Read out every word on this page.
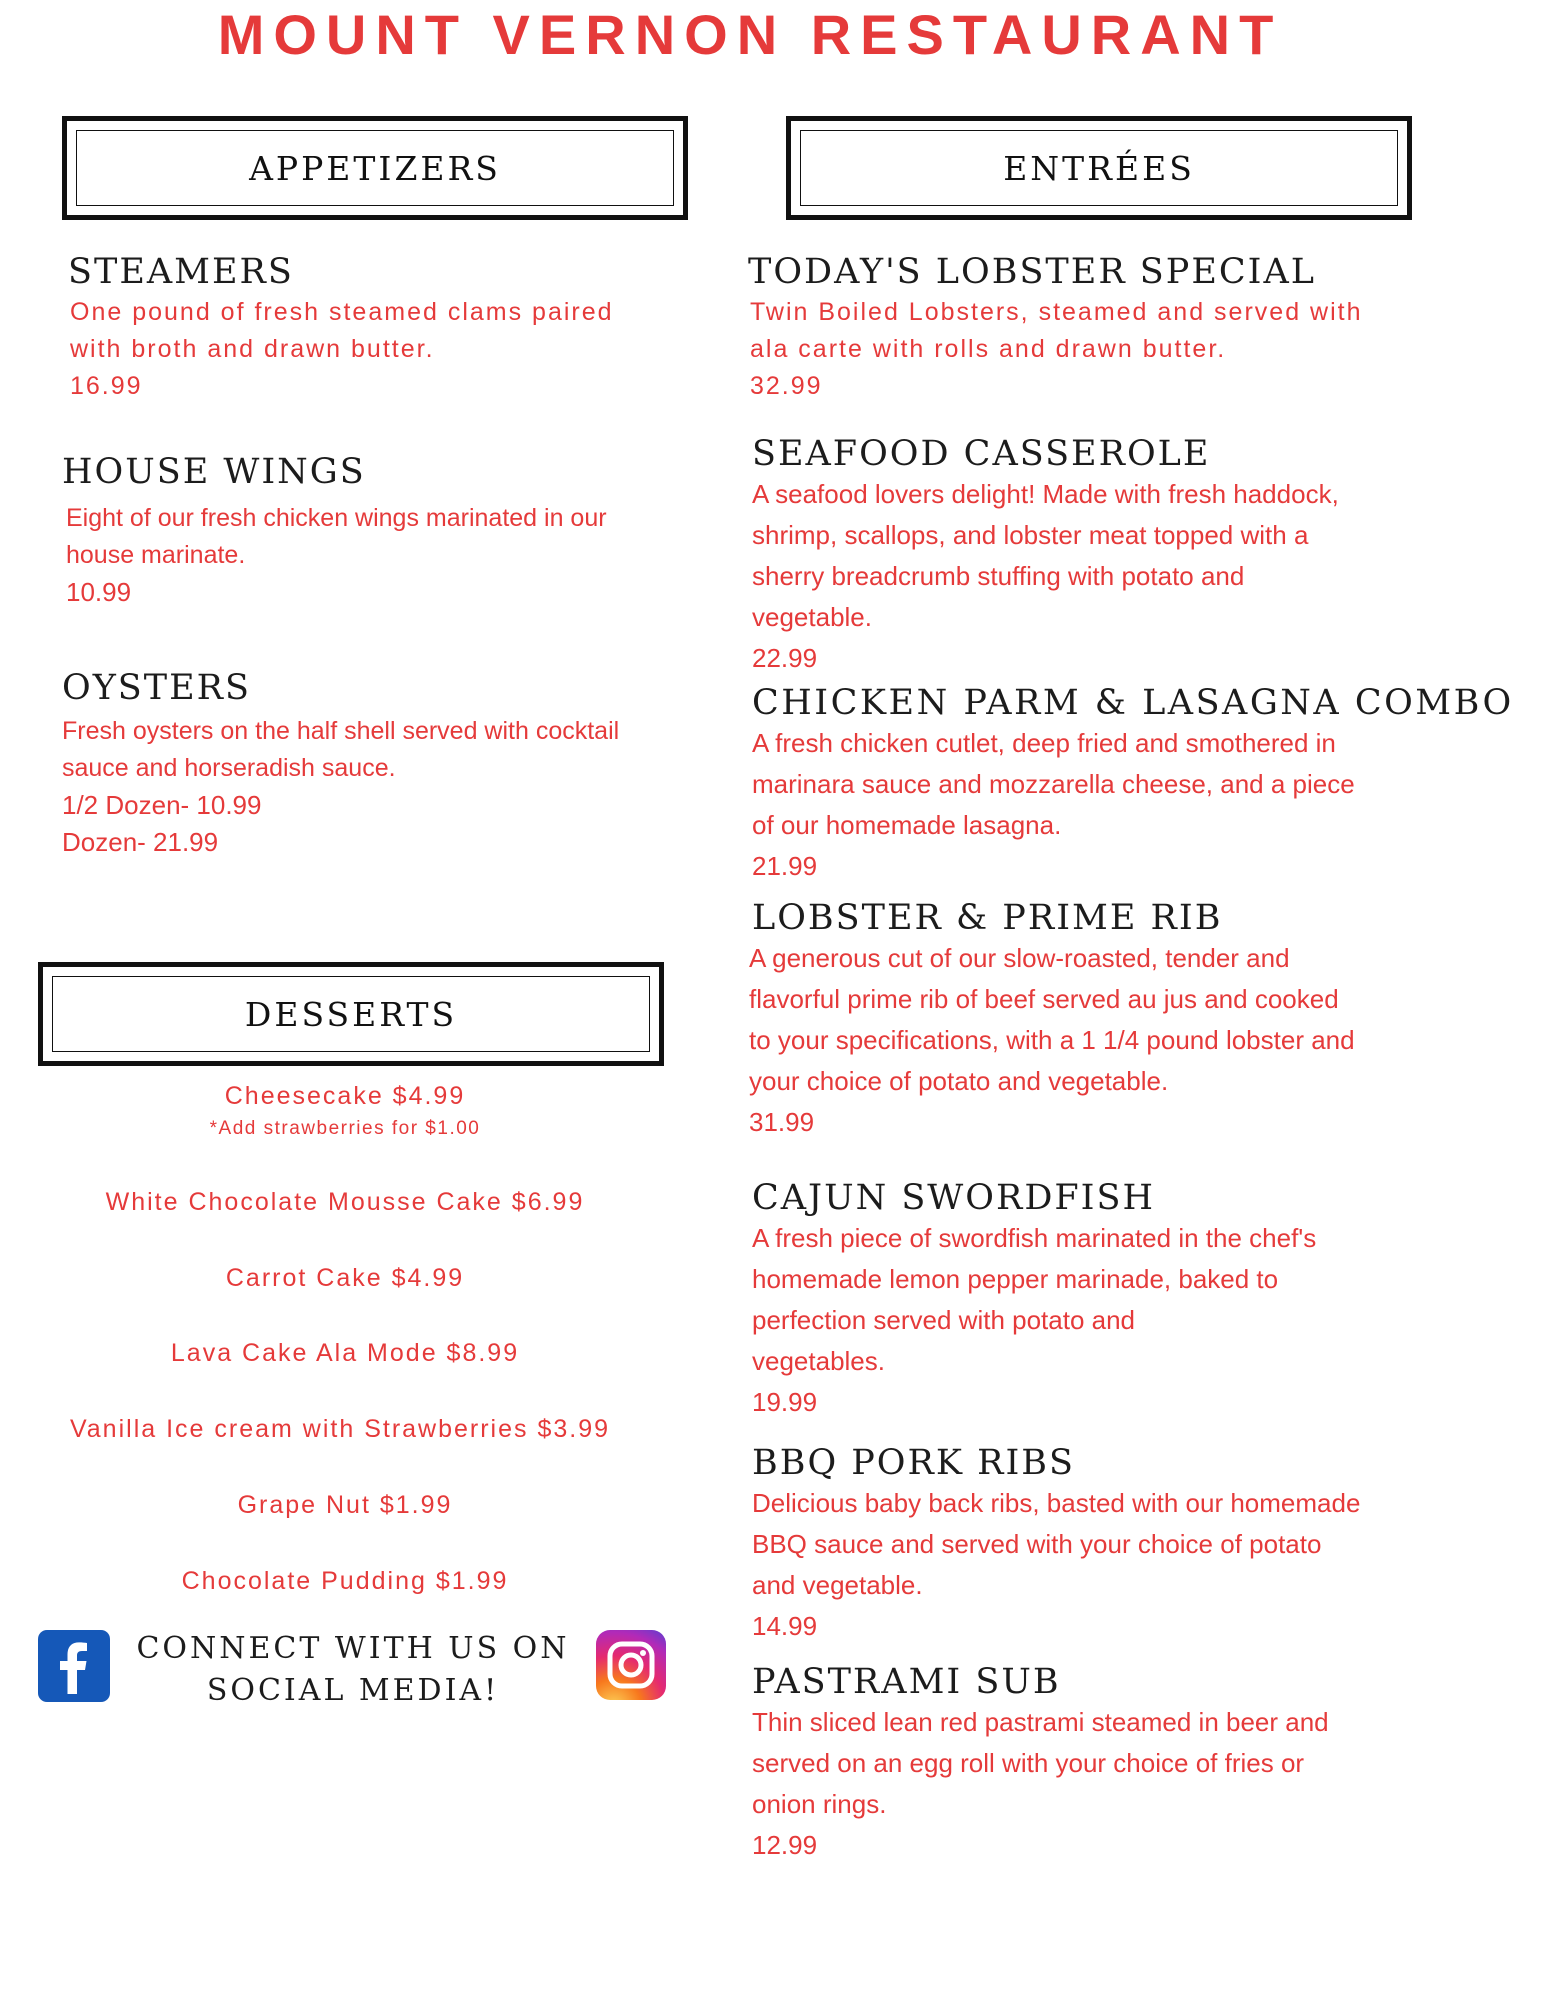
MOUNT VERNON RESTAURANT
APPETIZERS	ENTRÉES
STEAMERS
One pound of fresh steamed clams paired
with broth and drawn butter.
16.99
HOUSE WINGS
Eight of our fresh chicken wings marinated in our
house marinate.
10.99
OYSTERS
Fresh oysters on the half shell served with cocktail
sauce and horseradish sauce.
1/2 Dozen- 10.99
Dozen- 21.99
DESSERTS
Cheesecake $4.99
*Add strawberries for $1.00
White Chocolate Mousse Cake $6.99
Carrot Cake $4.99
Lava Cake Ala Mode $8.99
Vanilla Ice cream with Strawberries $3.99
Grape Nut $1.99
Chocolate Pudding $1.99
CONNECT WITH US ON
SOCIAL MEDIA!
TODAY'S LOBSTER SPECIAL
Twin Boiled Lobsters, steamed and served with
ala carte with rolls and drawn butter.
32.99
SEAFOOD CASSEROLE
A seafood lovers delight! Made with fresh haddock,
shrimp, scallops, and lobster meat topped with a
sherry breadcrumb stuffing with potato and
vegetable.
22.99
CHICKEN PARM & LASAGNA COMBO
A fresh chicken cutlet, deep fried and smothered in
marinara sauce and mozzarella cheese, and a piece
of our homemade lasagna.
21.99
LOBSTER & PRIME RIB
A generous cut of our slow-roasted, tender and
flavorful prime rib of beef served au jus and cooked
to your specifications, with a 1 1/4 pound lobster and
your choice of potato and vegetable.
31.99
CAJUN SWORDFISH
A fresh piece of swordfish marinated in the chef's
homemade lemon pepper marinade, baked to
perfection served with potato and
vegetables.
19.99
BBQ PORK RIBS
Delicious baby back ribs, basted with our homemade
BBQ sauce and served with your choice of potato
and vegetable.
14.99
PASTRAMI SUB
Thin sliced lean red pastrami steamed in beer and
served on an egg roll with your choice of fries or
onion rings.
12.99
